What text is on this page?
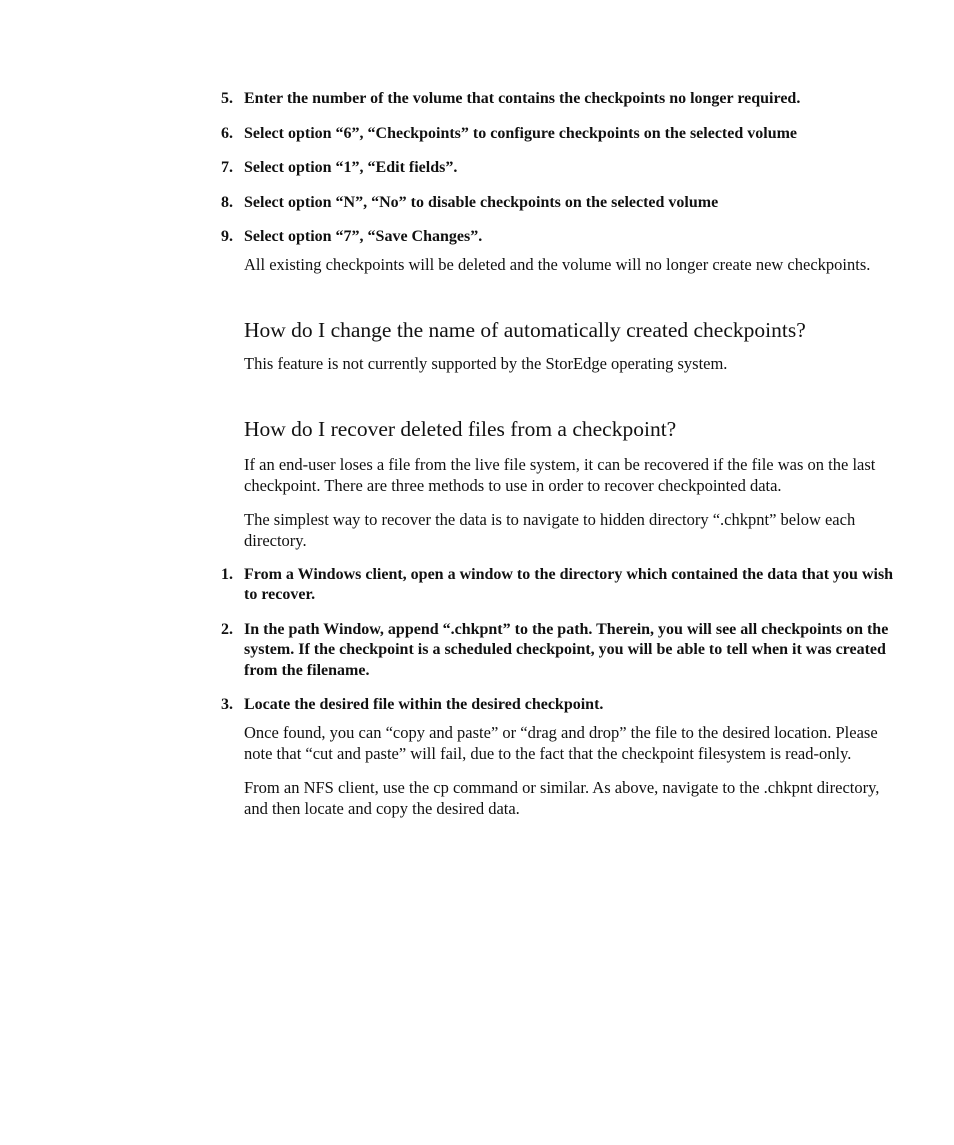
5. Enter the number of the volume that contains the checkpoints no longer required.
6. Select option “6”, “Checkpoints” to configure checkpoints on the selected volume
7. Select option “1”, “Edit fields”.
8. Select option “N”, “No” to disable checkpoints on the selected volume
9. Select option “7”, “Save Changes”.

All existing checkpoints will be deleted and the volume will no longer create new checkpoints.

How do I change the name of automatically created checkpoints?

This feature is not currently supported by the StorEdge operating system.

How do I recover deleted files from a checkpoint?

If an end-user loses a file from the live file system, it can be recovered if the file was on the last checkpoint. There are three methods to use in order to recover checkpointed data.

The simplest way to recover the data is to navigate to hidden directory “.chkpnt” below each directory.

1. From a Windows client, open a window to the directory which contained the data that you wish to recover.
2. In the path Window, append “.chkpnt” to the path. Therein, you will see all checkpoints on the system. If the checkpoint is a scheduled checkpoint, you will be able to tell when it was created from the filename.
3. Locate the desired file within the desired checkpoint.

Once found, you can “copy and paste” or “drag and drop” the file to the desired location. Please note that “cut and paste” will fail, due to the fact that the checkpoint filesystem is read-only.

From an NFS client, use the cp command or similar. As above, navigate to the .chkpnt directory, and then locate and copy the desired data.
